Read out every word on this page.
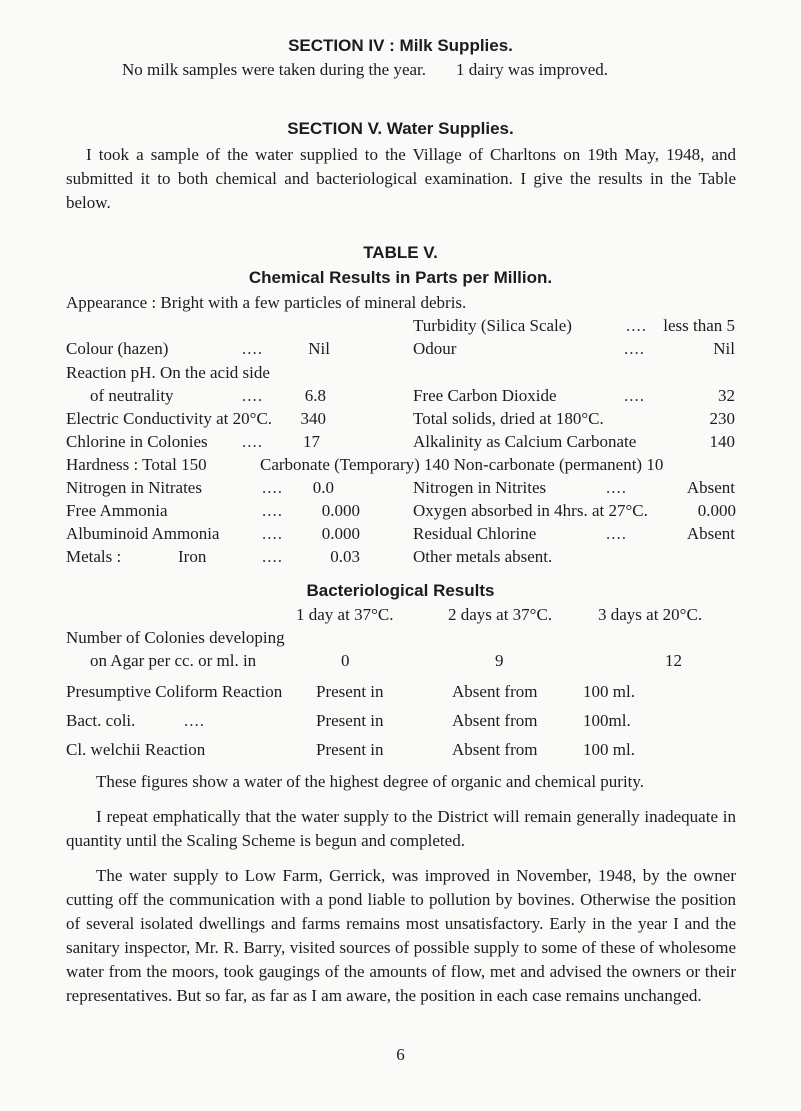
SECTION IV : Milk Supplies.
No milk samples were taken during the year. 1 dairy was improved.
SECTION V. Water Supplies.
I took a sample of the water supplied to the Village of Charltons on 19th May, 1948, and submitted it to both chemical and bacteriological examination. I give the results in the Table below.
TABLE V.
Chemical Results in Parts per Million.
Appearance : Bright with a few particles of mineral debris.
Turbidity (Silica Scale)	.... less than 5
Colour (hazen)	....	Nil	Odour	....	Nil
Reaction pH. On the acid side
of neutrality	....	6.8	Free Carbon Dioxide	....	32
Electric Conductivity at 20°C.	340	Total solids, dried at 180°C.	230
Chlorine in Colonies ....	17	Alkalinity as Calcium Carbonate	140
Hardness : Total 150	Carbonate (Temporary) 140 Non-carbonate (permanent) 10
Nitrogen in Nitrates	....	0.0	Nitrogen in Nitrites	....	Absent
Free Ammonia	....	0.000	Oxygen absorbed in 4hrs. at 27°C.	0.000
Albuminoid Ammonia	....	0.000	Residual Chlorine	....	Absent
Metals :	Iron	....	0.03	Other metals absent.
Bacteriological Results
1 day at 37°C.	2 days at 37°C.	3 days at 20°C.
Number of Colonies developing
on Agar per cc. or ml. in	0	9	12
Presumptive Coliform Reaction Present in	Absent from	100 ml.
Bact. coli.	....	Present in	Absent from	100ml.
Cl. welchii Reaction	Present in	Absent from	100 ml.
These figures show a water of the highest degree of organic and chemical purity.
I repeat emphatically that the water supply to the District will remain generally inadequate in quantity until the Scaling Scheme is begun and completed.
The water supply to Low Farm, Gerrick, was improved in November, 1948, by the owner cutting off the communication with a pond liable to pollution by bovines. Otherwise the position of several isolated dwellings and farms remains most unsatisfactory. Early in the year I and the sanitary inspector, Mr. R. Barry, visited sources of possible supply to some of these of wholesome water from the moors, took gaugings of the amounts of flow, met and advised the owners or their representatives. But so far, as far as I am aware, the position in each case remains unchanged.
6
